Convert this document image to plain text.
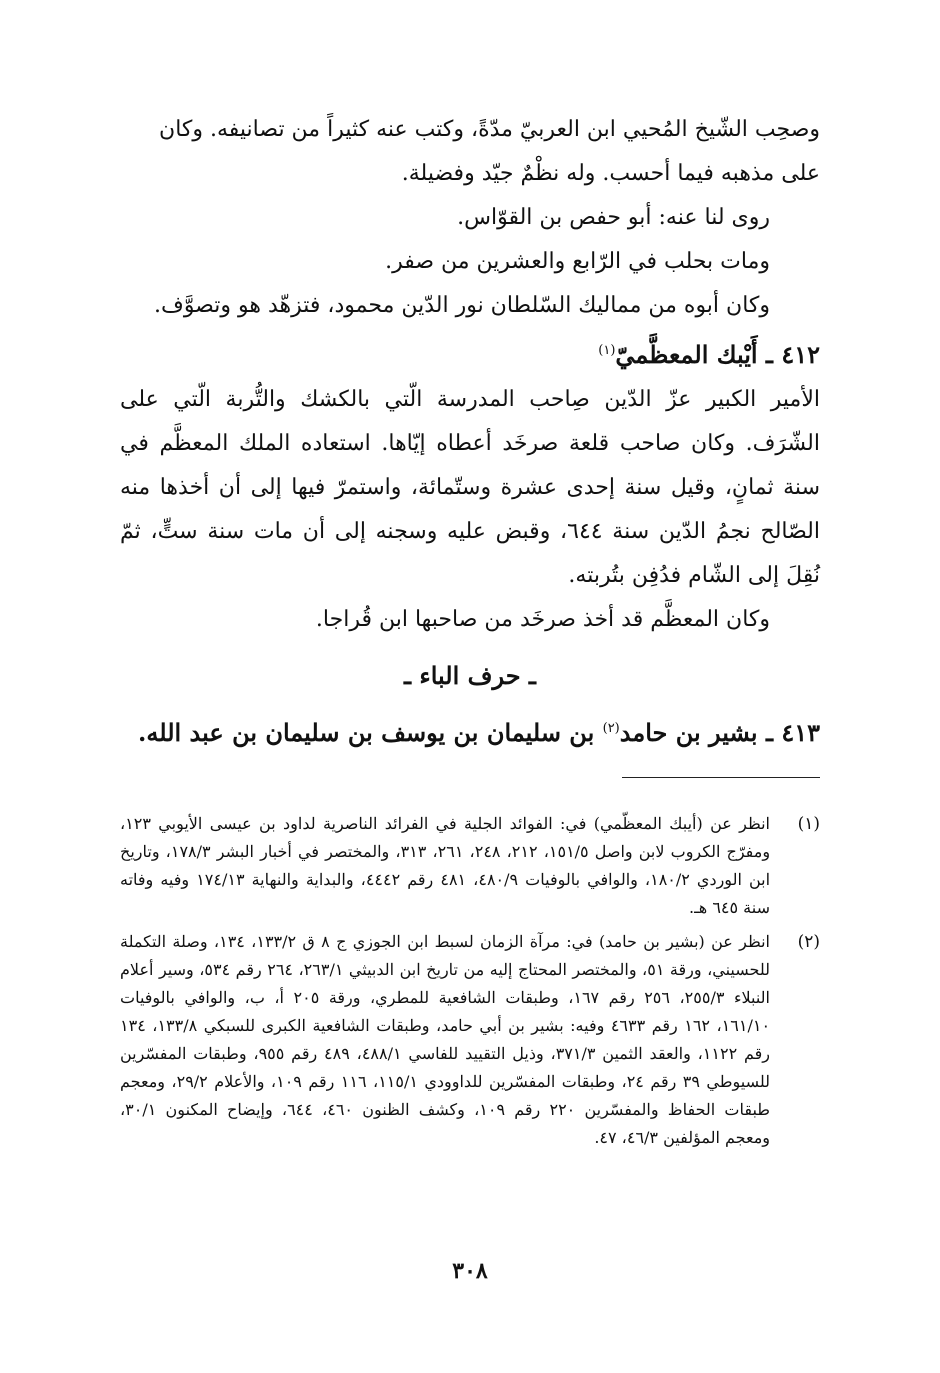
وصحِب الشّيخ المُحيي ابن العربيّ مدّةً، وكتب عنه كثيراً من تصانيفه. وكان على مذهبه فيما أحسب. وله نظْمٌ جيّد وفضيلة.

روى لنا عنه: أبو حفص بن القوّاس.

ومات بحلب في الرّابع والعشرين من صفر.

وكان أبوه من مماليك السّلطان نور الدّين محمود، فتزهّد هو وتصوَّف.

٤١٢ ـ أَيْبك المعظَّميّ$^{(١)}$

الأمير الكبير عزّ الدّين صِاحب المدرسة الّتي بالكشك والتُّربة الّتي على الشّرَف. وكان صاحب قلعة صرخَد أعطاه إيّاها. استعاده الملك المعظَّم في سنة ثمانٍ، وقيل سنة إحدى عشرة وستّمائة، واستمرّ فيها إلى أن أخذها منه الصّالح نجمُ الدّين سنة ٦٤٤، وقبض عليه وسجنه إلى أن مات سنة ستٍّ، ثمّ نُقِلَ إلى الشّام فدُفِن بتُربته.

وكان المعظَّم قد أخذ صرخَد من صاحبها ابن قُراجا.

ـ حرف الباء ـ
٤١٣ ـ بشير بن حامد$^{(٢)}$ بن سليمان بن يوسف بن سليمان بن عبد الله.
(١)

انظر عن (أيبك المعظّمي) في: الفوائد الجلية في الفرائد الناصرية لداود بن عيسى الأيوبي ١٢٣، ومفرّج الكروب لابن واصل ١٥١/٥، ٢١٢، ٢٤٨، ٢٦١، ٣١٣، والمختصر في أخبار البشر ١٧٨/٣، وتاريخ ابن الوردي ١٨٠/٢، والوافي بالوفيات ٤٨٠/٩، ٤٨١ رقم ٤٤٤٢، والبداية والنهاية ١٧٤/١٣ وفيه وفاته سنة ٦٤٥ هـ.

(٢)

انظر عن (بشير بن حامد) في: مرآة الزمان لسبط ابن الجوزي ج ٨ ق ١٣٣/٢، ١٣٤، وصلة التكملة للحسيني، ورقة ٥١، والمختصر المحتاج إليه من تاريخ ابن الدبيثي ٢٦٣/١، ٢٦٤ رقم ٥٣٤، وسير أعلام النبلاء ٢٥٥/٣، ٢٥٦ رقم ١٦٧، وطبقات الشافعية للمطري، ورقة ٢٠٥ أ، ب، والوافي بالوفيات ١٦١/١٠، ١٦٢ رقم ٤٦٣٣ وفيه: بشير بن أبي حامد، وطبقات الشافعية الكبرى للسبكي ١٣٣/٨، ١٣٤ رقم ١١٢٢، والعقد الثمين ٣٧١/٣، وذيل التقييد للفاسي ٤٨٨/١، ٤٨٩ رقم ٩٥٥، وطبقات المفسّرين للسيوطي ٣٩ رقم ٢٤، وطبقات المفسّرين للداوودي ١١٥/١، ١١٦ رقم ١٠٩، والأعلام ٢٩/٢، ومعجم طبقات الحفاظ والمفسّرين ٢٢٠ رقم ١٠٩، وكشف الظنون ٤٦٠، ٦٤٤، وإيضاح المكنون ٣٠/١، ومعجم المؤلفين ٤٦/٣، ٤٧.

٣٠٨
